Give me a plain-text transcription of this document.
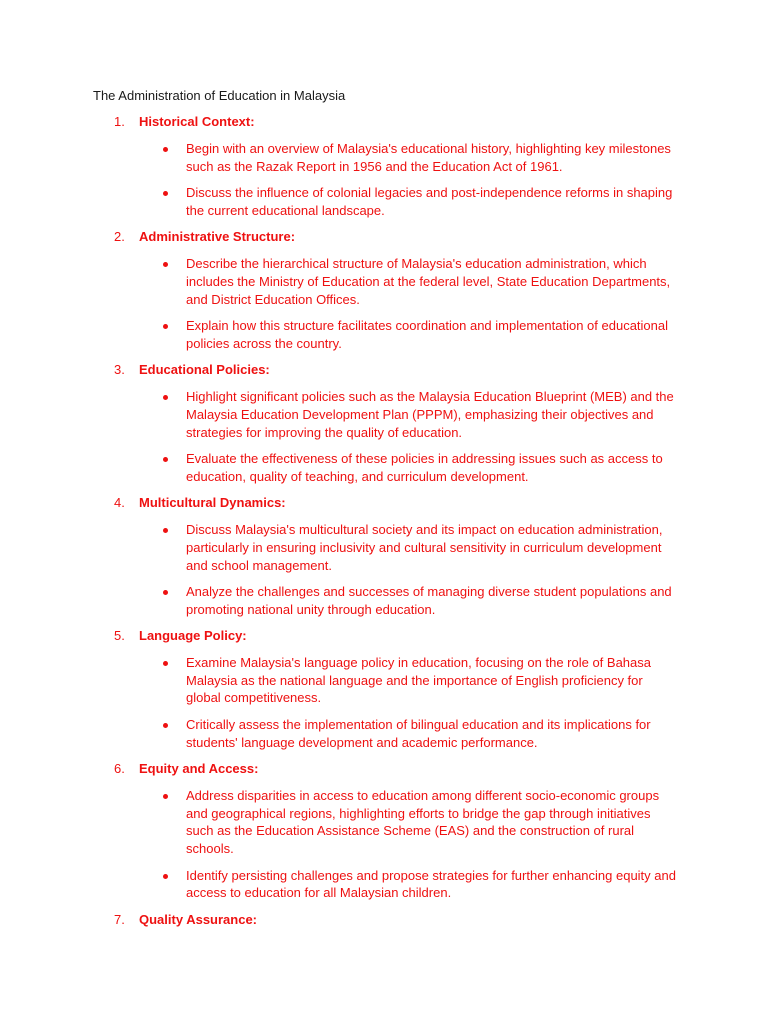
The Administration of Education in Malaysia
1. Historical Context:
Begin with an overview of Malaysia's educational history, highlighting key milestones such as the Razak Report in 1956 and the Education Act of 1961.
Discuss the influence of colonial legacies and post-independence reforms in shaping the current educational landscape.
2. Administrative Structure:
Describe the hierarchical structure of Malaysia's education administration, which includes the Ministry of Education at the federal level, State Education Departments, and District Education Offices.
Explain how this structure facilitates coordination and implementation of educational policies across the country.
3. Educational Policies:
Highlight significant policies such as the Malaysia Education Blueprint (MEB) and the Malaysia Education Development Plan (PPPM), emphasizing their objectives and strategies for improving the quality of education.
Evaluate the effectiveness of these policies in addressing issues such as access to education, quality of teaching, and curriculum development.
4. Multicultural Dynamics:
Discuss Malaysia's multicultural society and its impact on education administration, particularly in ensuring inclusivity and cultural sensitivity in curriculum development and school management.
Analyze the challenges and successes of managing diverse student populations and promoting national unity through education.
5. Language Policy:
Examine Malaysia's language policy in education, focusing on the role of Bahasa Malaysia as the national language and the importance of English proficiency for global competitiveness.
Critically assess the implementation of bilingual education and its implications for students' language development and academic performance.
6. Equity and Access:
Address disparities in access to education among different socio-economic groups and geographical regions, highlighting efforts to bridge the gap through initiatives such as the Education Assistance Scheme (EAS) and the construction of rural schools.
Identify persisting challenges and propose strategies for further enhancing equity and access to education for all Malaysian children.
7. Quality Assurance:
